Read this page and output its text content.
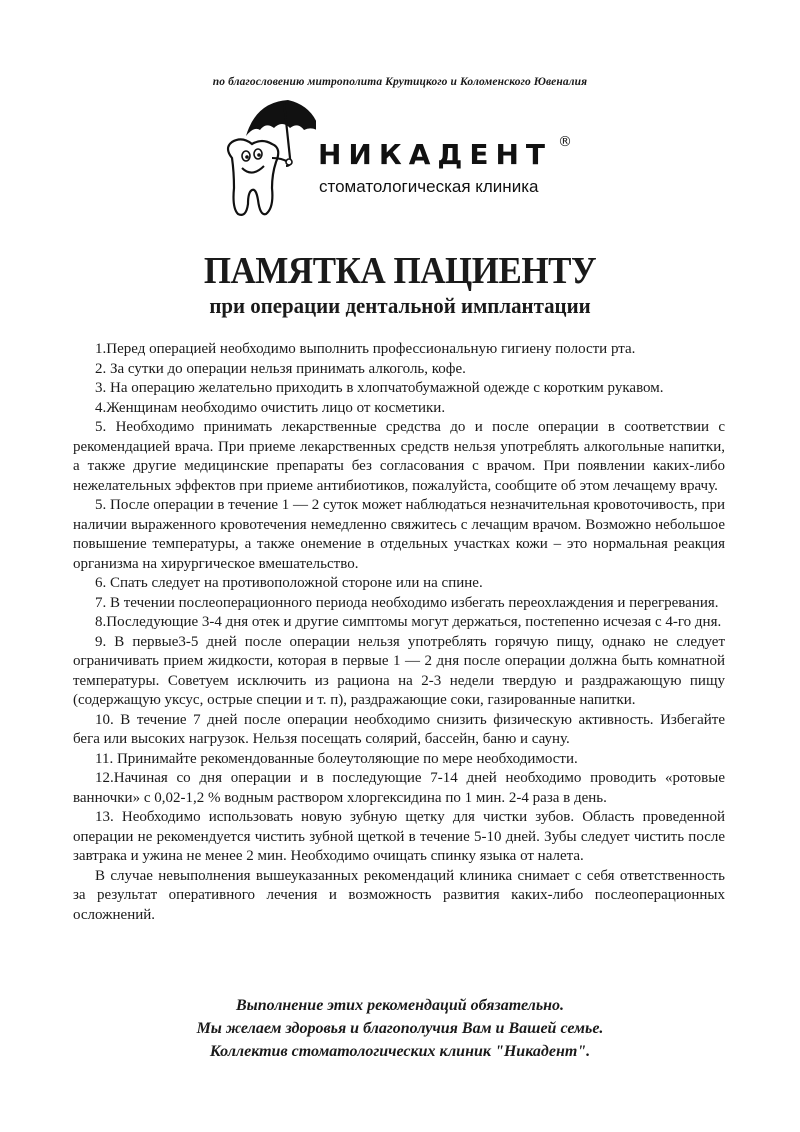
по благословению митрополита Крутицкого и Коломенского Ювеналия
НИКАДЕНТ ®
стоматологическая клиника
ПАМЯТКА ПАЦИЕНТУ
при операции дентальной имплантации

1.Перед операцией необходимо выполнить профессиональную гигиену полости рта.

2. За сутки до операции нельзя принимать алкоголь, кофе.

3. На операцию желательно приходить в хлопчатобумажной одежде с коротким рукавом.

4.Женщинам необходимо очистить лицо от косметики.

5. Необходимо принимать лекарственные средства до и после операции в соответствии с рекомендацией врача. При приеме лекарственных средств нельзя употреблять алкогольные напитки, а также другие медицинские препараты без согласования с врачом. При появлении каких-либо нежелательных эффектов при приеме антибиотиков, пожалуйста, сообщите об этом лечащему врачу.

5. После операции в течение 1 — 2 суток может наблюдаться незначительная кровоточивость, при наличии выраженного кровотечения немедленно свяжитесь с лечащим врачом. Возможно небольшое повышение температуры, а также онемение в отдельных участках кожи – это нормальная реакция организма на хирургическое вмешательство.

6. Спать следует на противоположной стороне или на спине.

7. В течении послеоперационного периода необходимо избегать переохлаждения и перегревания.

8.Последующие 3-4 дня отек и другие симптомы могут держаться, постепенно исчезая с 4-го дня.

9. В первые3-5 дней после операции нельзя употреблять горячую пищу, однако не следует ограничивать прием жидкости, которая в первые 1 — 2 дня после операции должна быть комнатной температуры. Советуем исключить из рациона на 2-3 недели твердую и раздражающую пищу (содержащую уксус, острые специи и т. п), раздражающие соки, газированные напитки.

10. В течение 7 дней после операции необходимо снизить физическую активность. Избегайте бега или высоких нагрузок. Нельзя посещать солярий, бассейн, баню и сауну.

11. Принимайте рекомендованные болеутоляющие по мере необходимости.

12.Начиная со дня операции и в последующие 7-14 дней необходимо проводить «ротовые ванночки» с 0,02-1,2 % водным раствором хлоргексидина по 1 мин. 2-4 раза в день.

13. Необходимо использовать новую зубную щетку для чистки зубов. Область проведенной операции не рекомендуется чистить зубной щеткой в течение 5-10 дней. Зубы следует чистить после завтрака и ужина не менее 2 мин. Необходимо очищать спинку языка от налета.

В случае невыполнения вышеуказанных рекомендаций клиника снимает с себя ответственность за результат оперативного лечения и возможность развития каких-либо послеоперационных осложнений.

Выполнение этих рекомендаций обязательно.
Мы желаем здоровья и благополучия Вам и Вашей семье.
Коллектив стоматологических клиник "Никадент".
